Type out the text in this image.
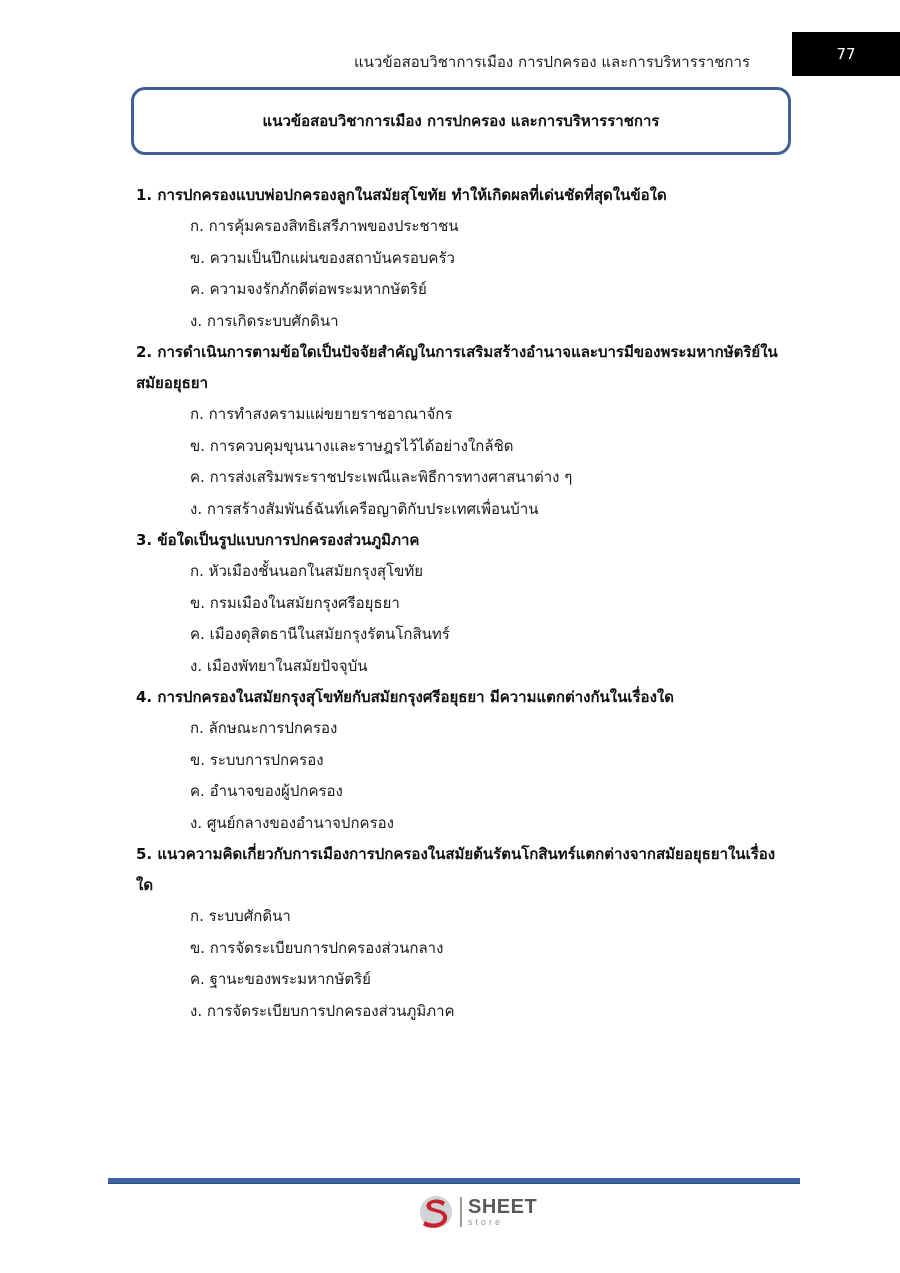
แนวข้อสอบวิชาการเมือง การปกครอง และการบริหารราชการ	77
แนวข้อสอบวิชาการเมือง การปกครอง และการบริหารราชการ
1. การปกครองแบบพ่อปกครองลูกในสมัยสุโขทัย ทำให้เกิดผลที่เด่นชัดที่สุดในข้อใด
ก. การคุ้มครองสิทธิเสรีภาพของประชาชน
ข. ความเป็นปึกแผ่นของสถาบันครอบครัว
ค. ความจงรักภักดีต่อพระมหากษัตริย์
ง. การเกิดระบบศักดินา
2. การดำเนินการตามข้อใดเป็นปัจจัยสำคัญในการเสริมสร้างอำนาจและบารมีของพระมหากษัตริย์ใน
สมัยอยุธยา
ก. การทำสงครามแผ่ขยายราชอาณาจักร
ข. การควบคุมขุนนางและราษฎรไว้ได้อย่างใกล้ชิด
ค. การส่งเสริมพระราชประเพณีและพิธีการทางศาสนาต่าง ๆ
ง. การสร้างสัมพันธ์ฉันท์เครือญาติกับประเทศเพื่อนบ้าน
3. ข้อใดเป็นรูปแบบการปกครองส่วนภูมิภาค
ก. หัวเมืองชั้นนอกในสมัยกรุงสุโขทัย
ข. กรมเมืองในสมัยกรุงศรีอยุธยา
ค. เมืองดุสิตธานีในสมัยกรุงรัตนโกสินทร์
ง. เมืองพัทยาในสมัยปัจจุบัน
4. การปกครองในสมัยกรุงสุโขทัยกับสมัยกรุงศรีอยุธยา มีความแตกต่างกันในเรื่องใด
ก. ลักษณะการปกครอง
ข. ระบบการปกครอง
ค. อำนาจของผู้ปกครอง
ง. ศูนย์กลางของอำนาจปกครอง
5. แนวความคิดเกี่ยวกับการเมืองการปกครองในสมัยต้นรัตนโกสินทร์แตกต่างจากสมัยอยุธยาในเรื่อง
ใด
ก. ระบบศักดินา
ข. การจัดระเบียบการปกครองส่วนกลาง
ค. ฐานะของพระมหากษัตริย์
ง. การจัดระเบียบการปกครองส่วนภูมิภาค
SHEET
store
